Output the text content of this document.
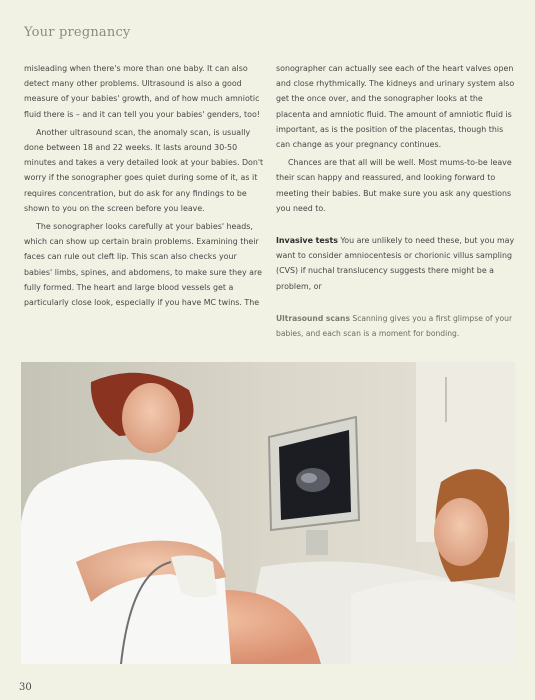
Your pregnancy

misleading when there's more than one baby. It can also detect many other problems. Ultrasound is also a good measure of your babies' growth, and of how much amniotic fluid there is – and it can tell you your babies' genders, too!

Another ultrasound scan, the anomaly scan, is usually done between 18 and 22 weeks. It lasts around 30-50 minutes and takes a very detailed look at your babies. Don't worry if the sonographer goes quiet during some of it, as it requires concentration, but do ask for any findings to be shown to you on the screen before you leave.

The sonographer looks carefully at your babies' heads, which can show up certain brain problems. Examining their faces can rule out cleft lip. This scan also checks your babies' limbs, spines, and abdomens, to make sure they are fully formed. The heart and large blood vessels get a particularly close look, especially if you have MC twins. The

sonographer can actually see each of the heart valves open and close rhythmically. The kidneys and urinary system also get the once over, and the sonographer looks at the placenta and amniotic fluid. The amount of amniotic fluid is important, as is the position of the placentas, though this can change as your pregnancy continues.

Chances are that all will be well. Most mums-to-be leave their scan happy and reassured, and looking forward to meeting their babies. But make sure you ask any questions you need to.

Invasive tests You are unlikely to need these, but you may want to consider amniocentesis or chorionic villus sampling (CVS) if nuchal translucency suggests there might be a problem, or

Ultrasound scans Scanning gives you a first glimpse of your babies, and each scan is a moment for bonding.

30
